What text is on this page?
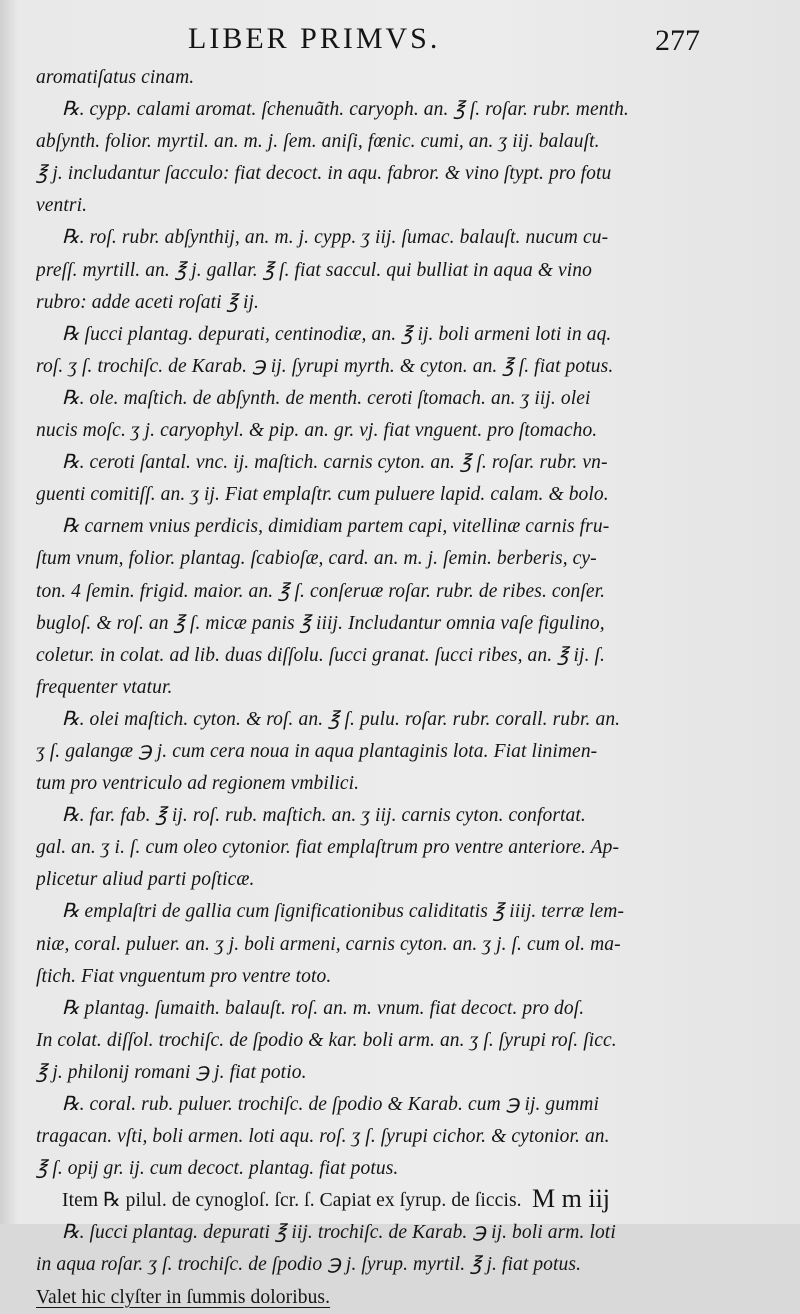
LIBER PRIMVS.	277
aromatiſatus cinam.
℞. cypp. calami aromat. ſchenuãth. caryoph. an. ℥ ſ. roſar. rubr. menth.
abſynth. folior. myrtil. an. m. j. ſem. aniſi, fœnic. cumi, an. ʒ iij. balauſt.
℥ j. includantur ſacculo: fiat decoct. in aqu. fabror. & vino ſtypt. pro fotu
ventri.
℞. roſ. rubr. abſynthij, an. m. j. cypp. ʒ iij. ſumac. balauſt. nucum cu-
preſſ. myrtill. an. ℥ j. gallar. ℥ ſ. fiat saccul. qui bulliat in aqua & vino
rubro: adde aceti roſati ℥ ij.
℞ ſucci plantag. depurati, centinodiæ, an. ℥ ij. boli armeni loti in aq.
roſ. ʒ ſ. trochiſc. de Karab. ℈ ij. ſyrupi myrth. & cyton. an. ℥ ſ. fiat potus.
℞. ole. maſtich. de abſynth. de menth. ceroti ſtomach. an. ʒ iij. olei
nucis moſc. ʒ j. caryophyl. & pip. an. gr. vj. fiat vnguent. pro ſtomacho.
℞. cerotі ſantal. vnc. ij. maſtich. carnis cyton. an. ℥ ſ. roſar. rubr. vn-
guenti comitiſſ. an. ʒ ij. Fiat emplaſtr. cum puluere lapid. calam. & bolo.
℞ carnem vnius perdicis, dimidiam partem capi, vitellinæ carnis fru-
ſtum vnum, folior. plantag. ſcabioſæ, card. an. m. j. ſemin. berberis, cy-
ton. 4 ſemin. frigid. maior. an. ℥ ſ. conſeruæ roſar. rubr. de ribes. conſer.
bugloſ. & roſ. an ℥ ſ. micæ panis ℥ iiij. Includantur omnia vaſe figulino,
coletur. in colat. ad lib. duas diſſolu. ſucci granat. ſucci ribes, an. ℥ ij. ſ.
frequenter vtatur.
℞. olei maſtich. cyton. & roſ. an. ℥ ſ. pulu. roſar. rubr. corall. rubr. an.
ʒ ſ. galangæ ℈ j. cum cera noua in aqua plantaginis lota. Fiat linimen-
tum pro ventriculo ad regionem vmbilici.
℞. far. fab. ℥ ij. roſ. rub. maſtich. an. ʒ iij. carnis cyton. confortat.
gal. an. ʒ i. ſ. cum oleo cytonior. fiat emplaſtrum pro ventre anteriore. Ap-
plicetur aliud parti poſticæ.
℞ emplaſtri de gallia cum ſignificationibus caliditatis ℥ iiij. terræ lem-
niæ, coral. puluer. an. ʒ j. boli armeni, carnis cyton. an. ʒ j. ſ. cum ol. ma-
ſtich. Fiat vnguentum pro ventre toto.
℞ plantag. ſumaith. balauſt. roſ. an. m. vnum. fiat decoct. pro doſ.
In colat. diſſol. trochiſc. de ſpodio & kar. boli arm. an. ʒ ſ. ſyrupi roſ. ſicc.
℥ j. philonij romani ℈ j. fiat potio.
℞. coral. rub. puluer. trochiſc. de ſpodio & Karab. cum ℈ ij. gummi
tragacan. vſti, boli armen. loti aqu. roſ. ʒ ſ. ſyrupi cichor. & cytonior. an.
℥ ſ. opij gr. ij. cum decoct. plantag. fiat potus.
Item ℞ pilul. de cynogloſ. ſcr. ſ. Capiat ex ſyrup. de ſiccis.
℞. ſucci plantag. depurati ℥ iij. trochiſc. de Karab. ℈ ij. boli arm. loti
in aqua roſar. ʒ ſ. trochiſc. de ſpodio ℈ j. ſyrup. myrtil. ℥ j. fiat potus.
Valet hic clyſter in ſummis doloribus.
M m iij
